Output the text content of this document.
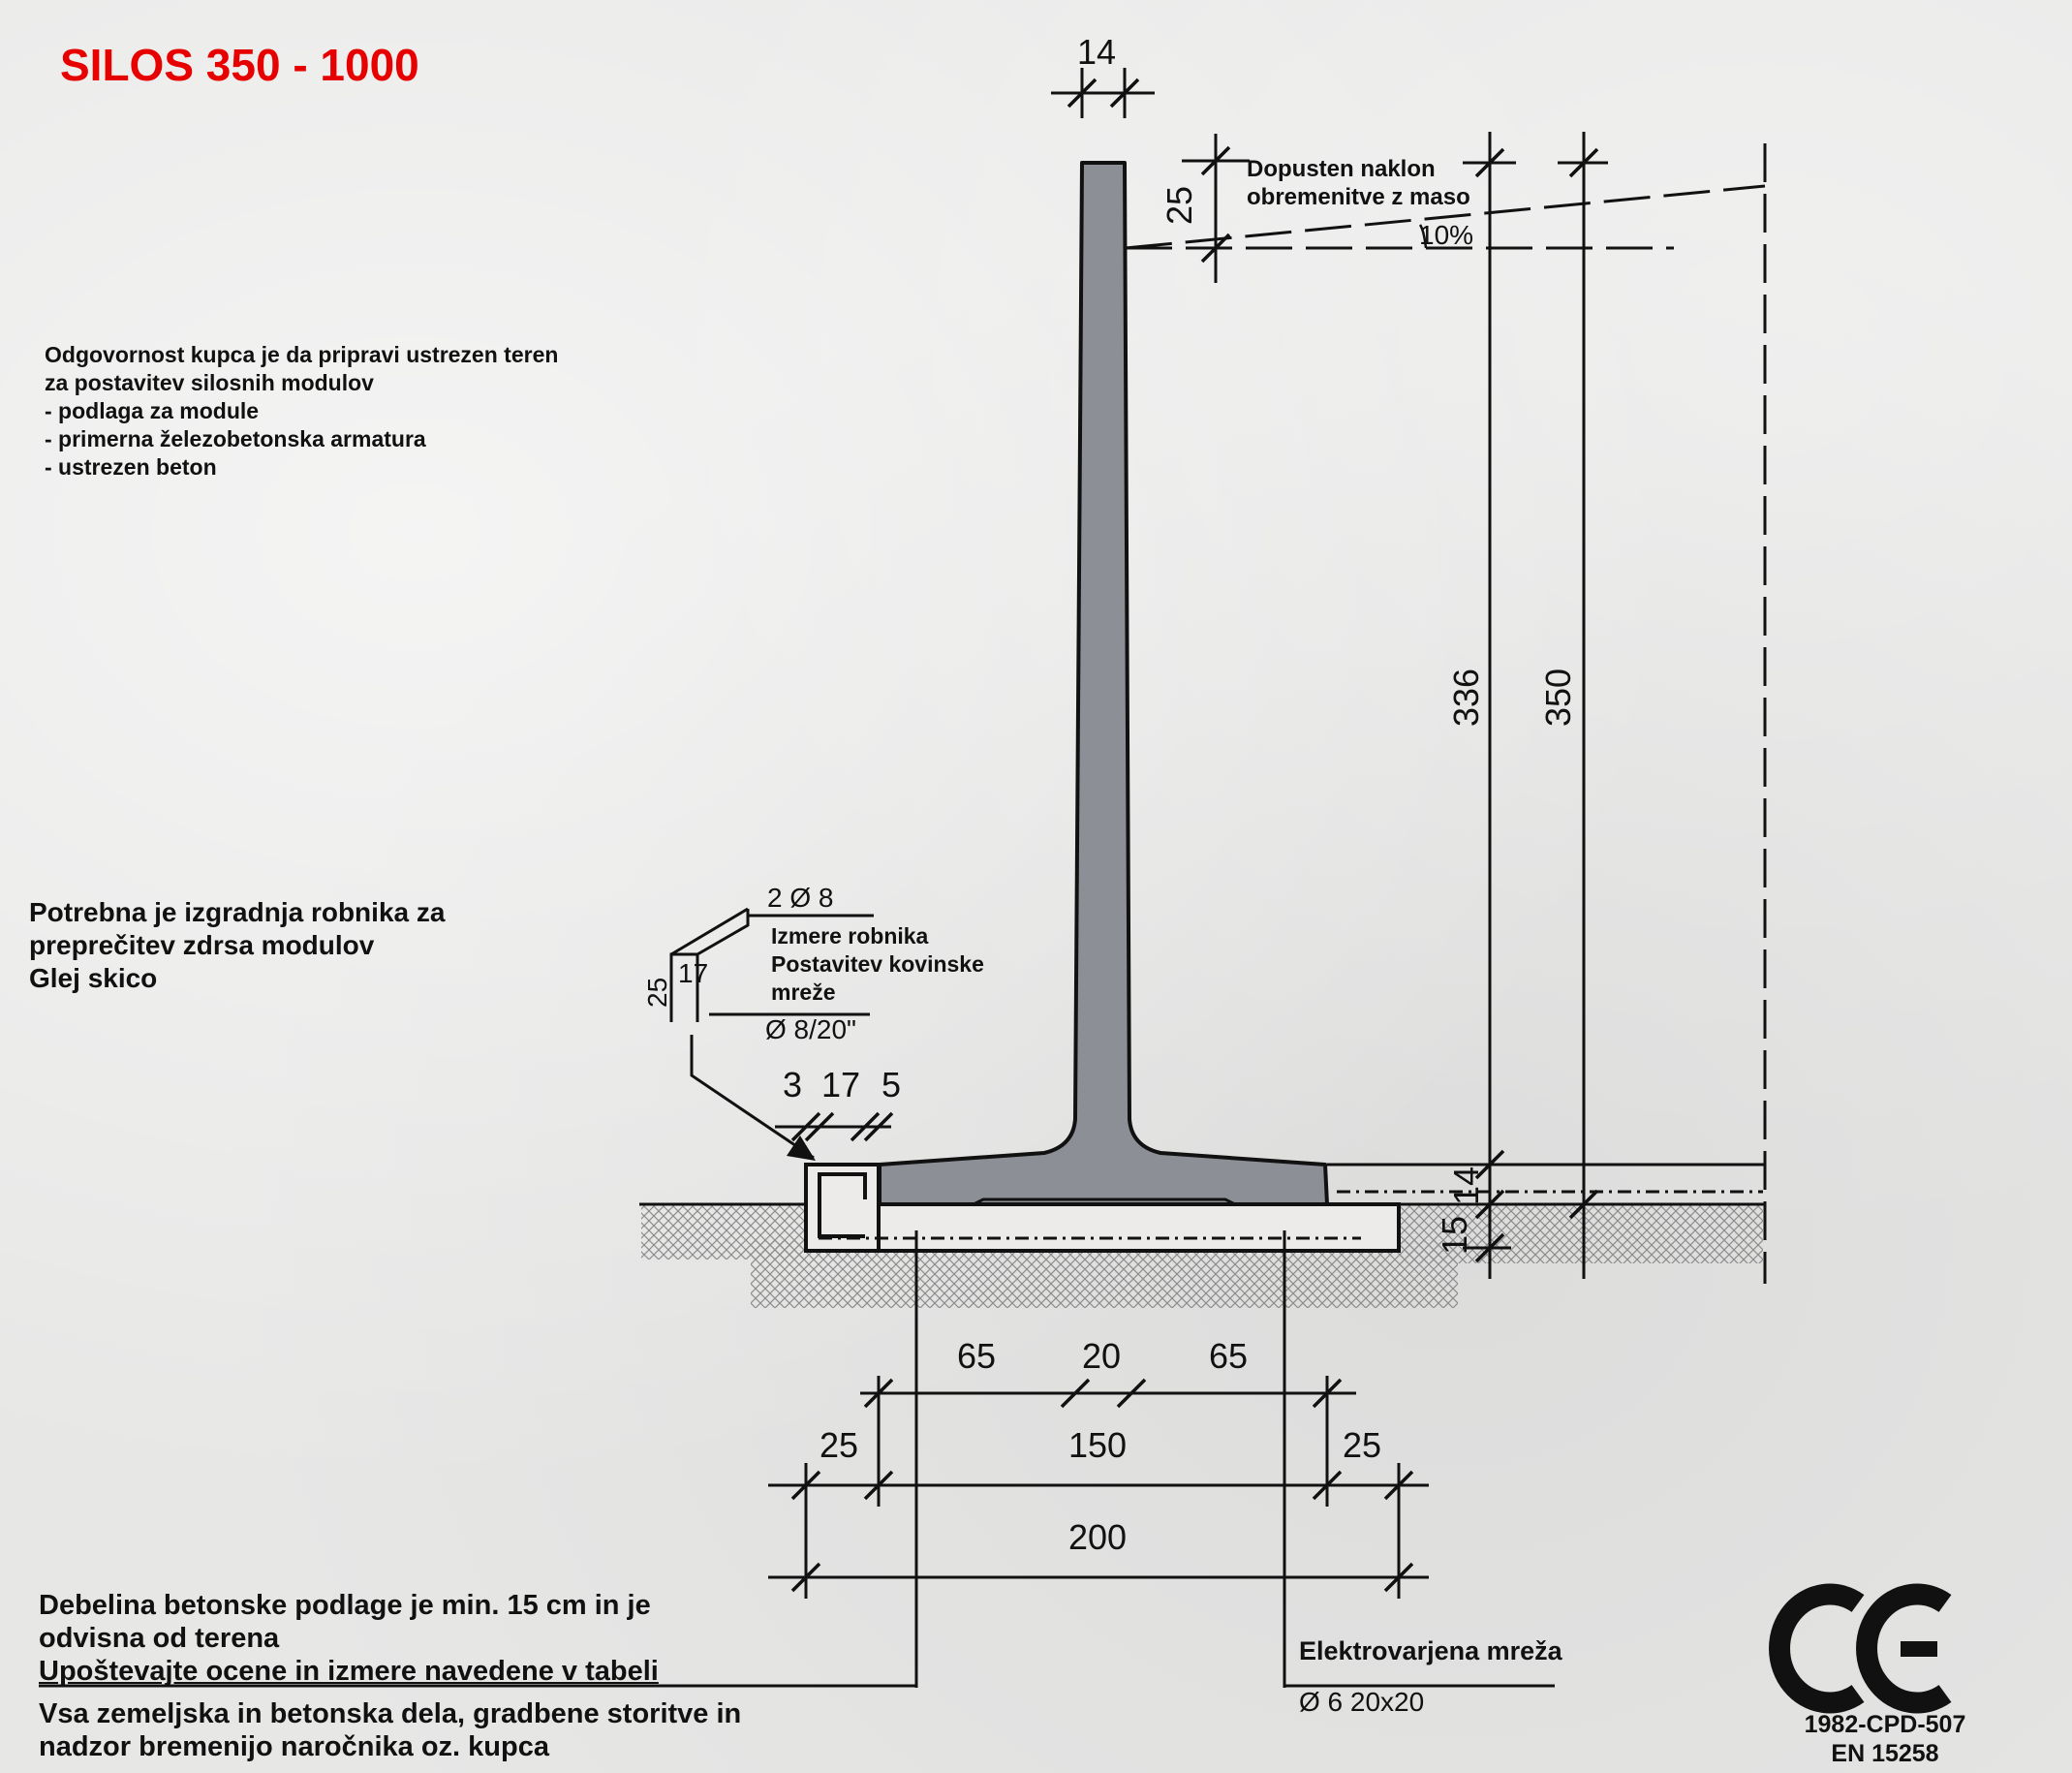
SILOS 350 - 1000
Odgovornost kupca je da pripravi ustrezen teren
za postavitev silosnih modulov
- podlaga za module
- primerna železobetonska armatura
- ustrezen beton
Potrebna je izgradnja robnika za
preprečitev zdrsa modulov
Glej skico
Dopusten naklon
obremenitve z maso
10%
2 Ø 8
Izmere robnika
Postavitev kovinske
mreže
Ø 8/20"
17
25
14
25
336 350
14
15
3 17 5
65 20	65
25	150	25
200
Elektrovarjena mreža
Ø 6 20x20
Debelina betonske podlage je min. 15 cm in je
odvisna od terena
Upoštevajte ocene in izmere navedene v tabeli
Vsa zemeljska in betonska dela, gradbene storitve in
nadzor bremenijo naročnika oz. kupca
1982-CPD-507
EN 15258
